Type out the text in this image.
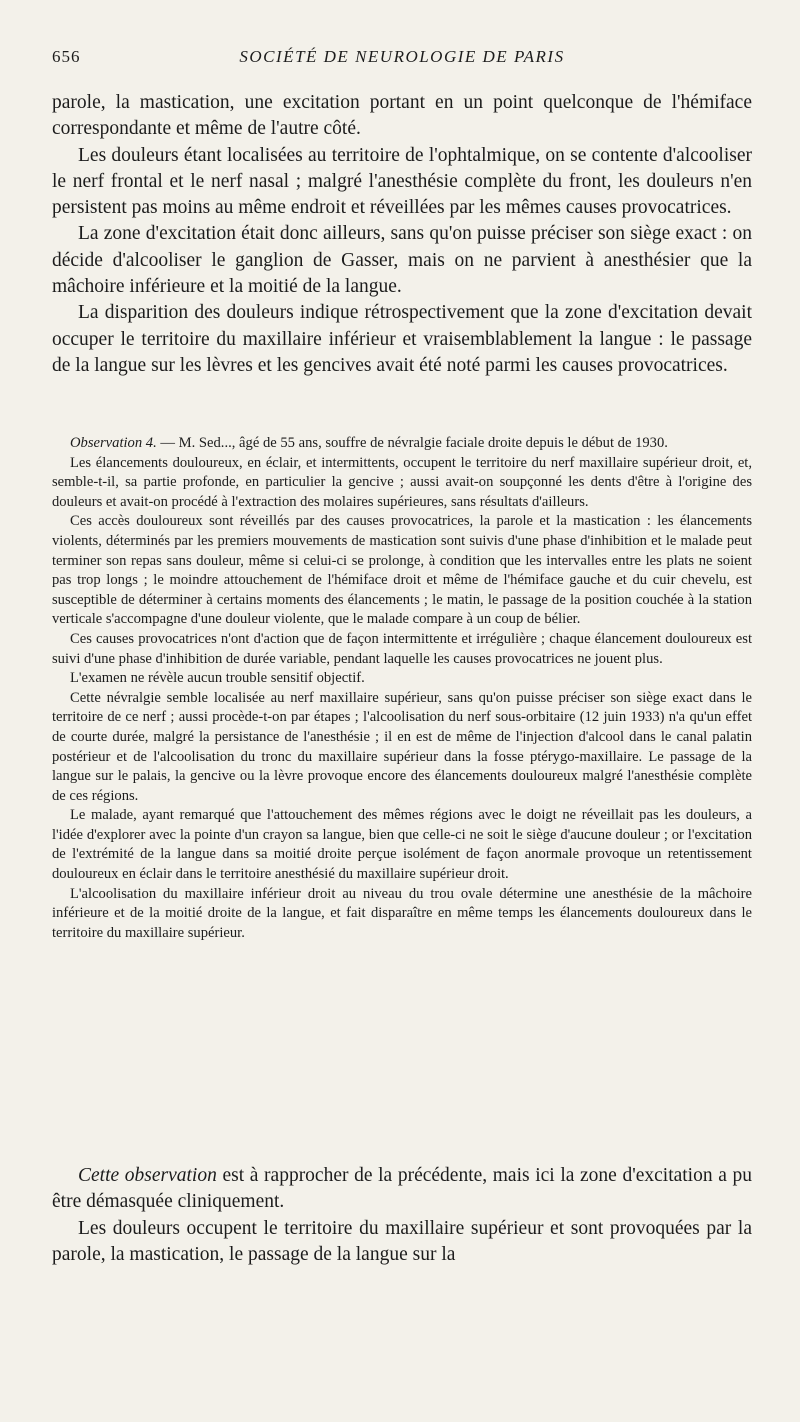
656	SOCIÉTÉ DE NEUROLOGIE DE PARIS

parole, la mastication, une excitation portant en un point quelconque de l'hémiface correspondante et même de l'autre côté.

Les douleurs étant localisées au territoire de l'ophtalmique, on se contente d'alcooliser le nerf frontal et le nerf nasal ; malgré l'anesthésie complète du front, les douleurs n'en persistent pas moins au même endroit et réveillées par les mêmes causes provocatrices.

La zone d'excitation était donc ailleurs, sans qu'on puisse préciser son siège exact : on décide d'alcooliser le ganglion de Gasser, mais on ne parvient à anesthésier que la mâchoire inférieure et la moitié de la langue.

La disparition des douleurs indique rétrospectivement que la zone d'excitation devait occuper le territoire du maxillaire inférieur et vraisemblablement la langue : le passage de la langue sur les lèvres et les gencives avait été noté parmi les causes provocatrices.

Observation 4. — M. Sed..., âgé de 55 ans, souffre de névralgie faciale droite depuis le début de 1930.

Les élancements douloureux, en éclair, et intermittents, occupent le territoire du nerf maxillaire supérieur droit, et, semble-t-il, sa partie profonde, en particulier la gencive ; aussi avait-on soupçonné les dents d'être à l'origine des douleurs et avait-on procédé à l'extraction des molaires supérieures, sans résultats d'ailleurs.

Ces accès douloureux sont réveillés par des causes provocatrices, la parole et la mastication : les élancements violents, déterminés par les premiers mouvements de mastication sont suivis d'une phase d'inhibition et le malade peut terminer son repas sans douleur, même si celui-ci se prolonge, à condition que les intervalles entre les plats ne soient pas trop longs ; le moindre attouchement de l'hémiface droit et même de l'hémiface gauche et du cuir chevelu, est susceptible de déterminer à certains moments des élancements ; le matin, le passage de la position couchée à la station verticale s'accompagne d'une douleur violente, que le malade compare à un coup de bélier.

Ces causes provocatrices n'ont d'action que de façon intermittente et irrégulière ; chaque élancement douloureux est suivi d'une phase d'inhibition de durée variable, pendant laquelle les causes provocatrices ne jouent plus.

L'examen ne révèle aucun trouble sensitif objectif.

Cette névralgie semble localisée au nerf maxillaire supérieur, sans qu'on puisse préciser son siège exact dans le territoire de ce nerf ; aussi procède-t-on par étapes ; l'alcoolisation du nerf sous-orbitaire (12 juin 1933) n'a qu'un effet de courte durée, malgré la persistance de l'anesthésie ; il en est de même de l'injection d'alcool dans le canal palatin postérieur et de l'alcoolisation du tronc du maxillaire supérieur dans la fosse ptérygo-maxillaire. Le passage de la langue sur le palais, la gencive ou la lèvre provoque encore des élancements douloureux malgré l'anesthésie complète de ces régions.

Le malade, ayant remarqué que l'attouchement des mêmes régions avec le doigt ne réveillait pas les douleurs, a l'idée d'explorer avec la pointe d'un crayon sa langue, bien que celle-ci ne soit le siège d'aucune douleur ; or l'excitation de l'extrémité de la langue dans sa moitié droite perçue isolément de façon anormale provoque un retentissement douloureux en éclair dans le territoire anesthésié du maxillaire supérieur droit.

L'alcoolisation du maxillaire inférieur droit au niveau du trou ovale détermine une anesthésie de la mâchoire inférieure et de la moitié droite de la langue, et fait disparaître en même temps les élancements douloureux dans le territoire du maxillaire supérieur.

Cette observation est à rapprocher de la précédente, mais ici la zone d'excitation a pu être démasquée cliniquement.

Les douleurs occupent le territoire du maxillaire supérieur et sont provoquées par la parole, la mastication, le passage de la langue sur la
